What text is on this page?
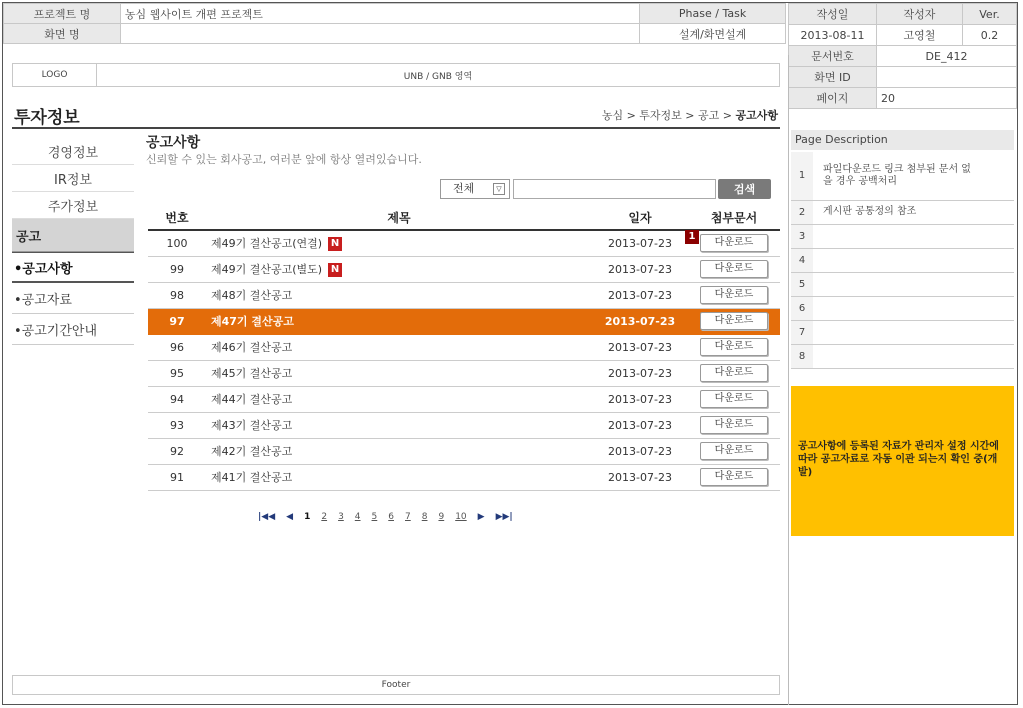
프로젝트 명	농심 웹사이트 개편 프로젝트	Phase / Task
화면 명		설계/화면설계
작성일	작성자	Ver.
2013-08-11	고영철	0.2
문서번호	DE_412	
화면 ID		
페이지	20	
LOGO	UNB / GNB 영역
투자정보	농심 > 투자정보 > 공고 > 공고사항
경영정보
IR정보
주가정보
공고
•공고사항
•공고자료
•공고기간안내
공고사항
신뢰할 수 있는 회사공고, 여러분 앞에 항상 열려있습니다.
전체	▽	검색
번호	제목	일자	첨부문서
100	제49기 결산공고(연결) N	2013-07-23	다운로드
99	제49기 결산공고(별도) N	2013-07-23	다운로드
98	제48기 결산공고	2013-07-23	다운로드
97	제47기 결산공고	2013-07-23	다운로드
96	제46기 결산공고	2013-07-23	다운로드
95	제45기 결산공고	2013-07-23	다운로드
94	제44기 결산공고	2013-07-23	다운로드
93	제43기 결산공고	2013-07-23	다운로드
92	제42기 결산공고	2013-07-23	다운로드
91	제41기 결산공고	2013-07-23	다운로드
1
|◀◀ ◀ 1 2 3 4 5 6 7 8 9 10 ▶ ▶▶|
Footer
Page Description
1	파일다운로드 링크 첨부된 문서 없을 경우 공백처리
2	게시판 공통정의 참조
3	
4	
5	
6	
7	
8	
공고사항에 등록된 자료가 관리자 설정 시간에 따라 공고자료로 자동 이관 되는지 확인 중(개발)
